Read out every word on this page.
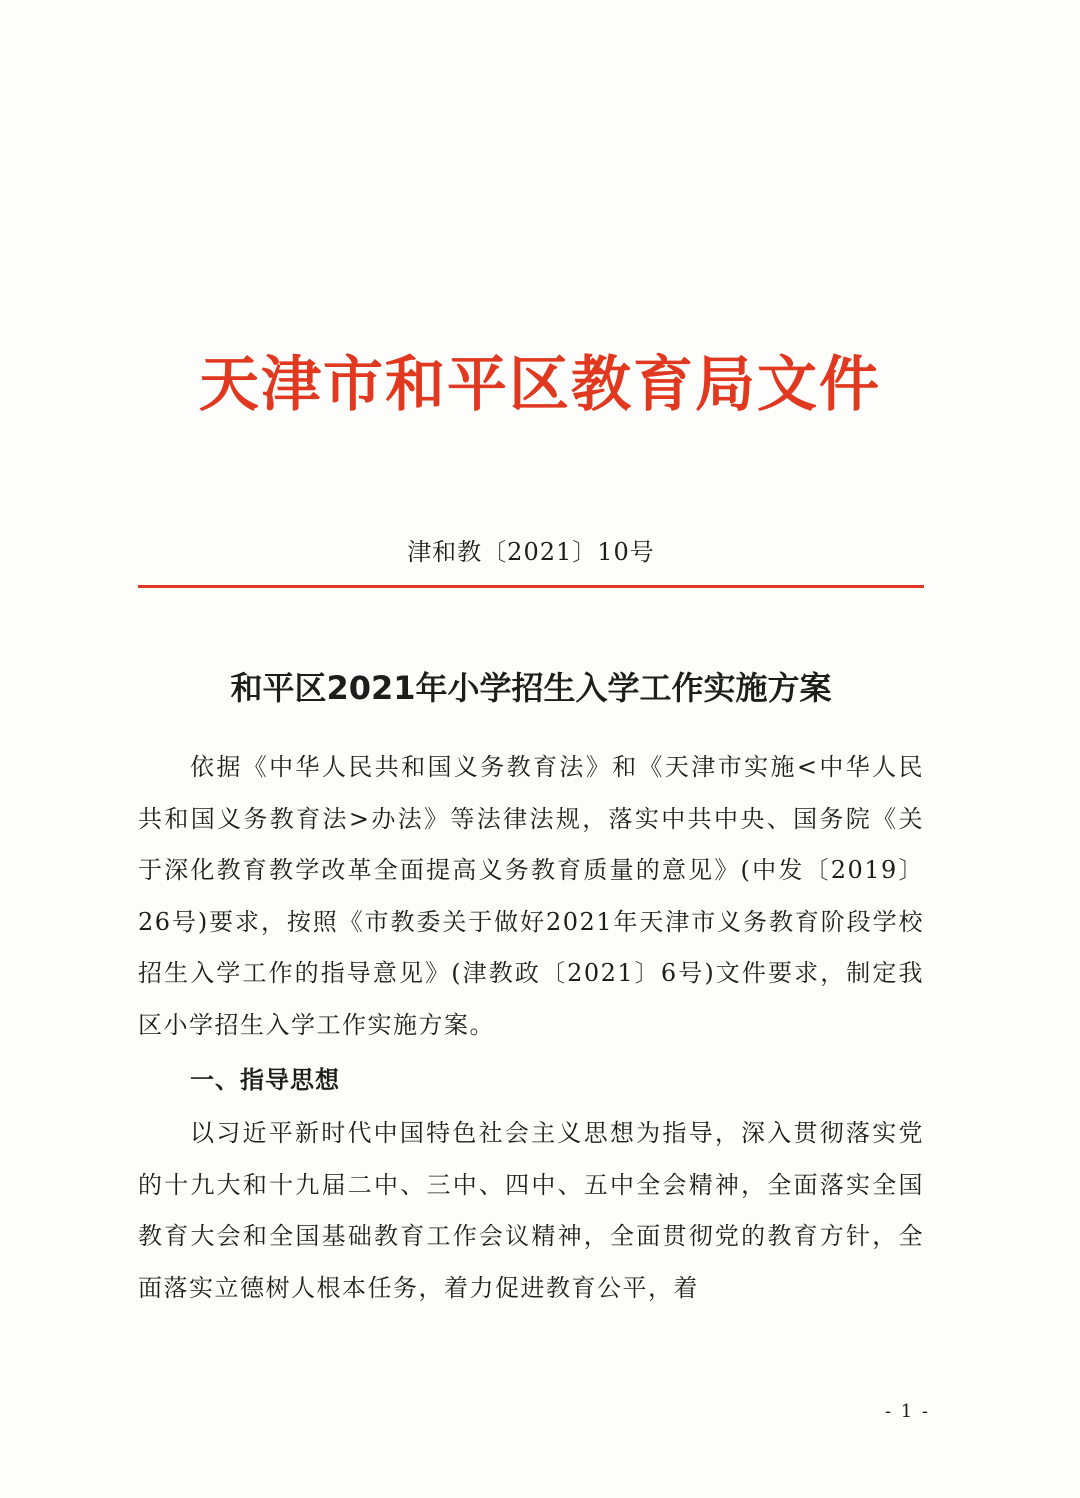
天津市和平区教育局文件
津和教〔2021〕10号
和平区2021年小学招生入学工作实施方案
依据《中华人民共和国义务教育法》和《天津市实施<中华人民共和国义务教育法>办法》等法律法规，落实中共中央、国务院《关于深化教育教学改革全面提高义务教育质量的意见》(中发〔2019〕26号)要求，按照《市教委关于做好2021年天津市义务教育阶段学校招生入学工作的指导意见》(津教政〔2021〕6号)文件要求，制定我区小学招生入学工作实施方案。
一、指导思想
以习近平新时代中国特色社会主义思想为指导，深入贯彻落实党的十九大和十九届二中、三中、四中、五中全会精神，全面落实全国教育大会和全国基础教育工作会议精神，全面贯彻党的教育方针，全面落实立德树人根本任务，着力促进教育公平，着
- 1 -
